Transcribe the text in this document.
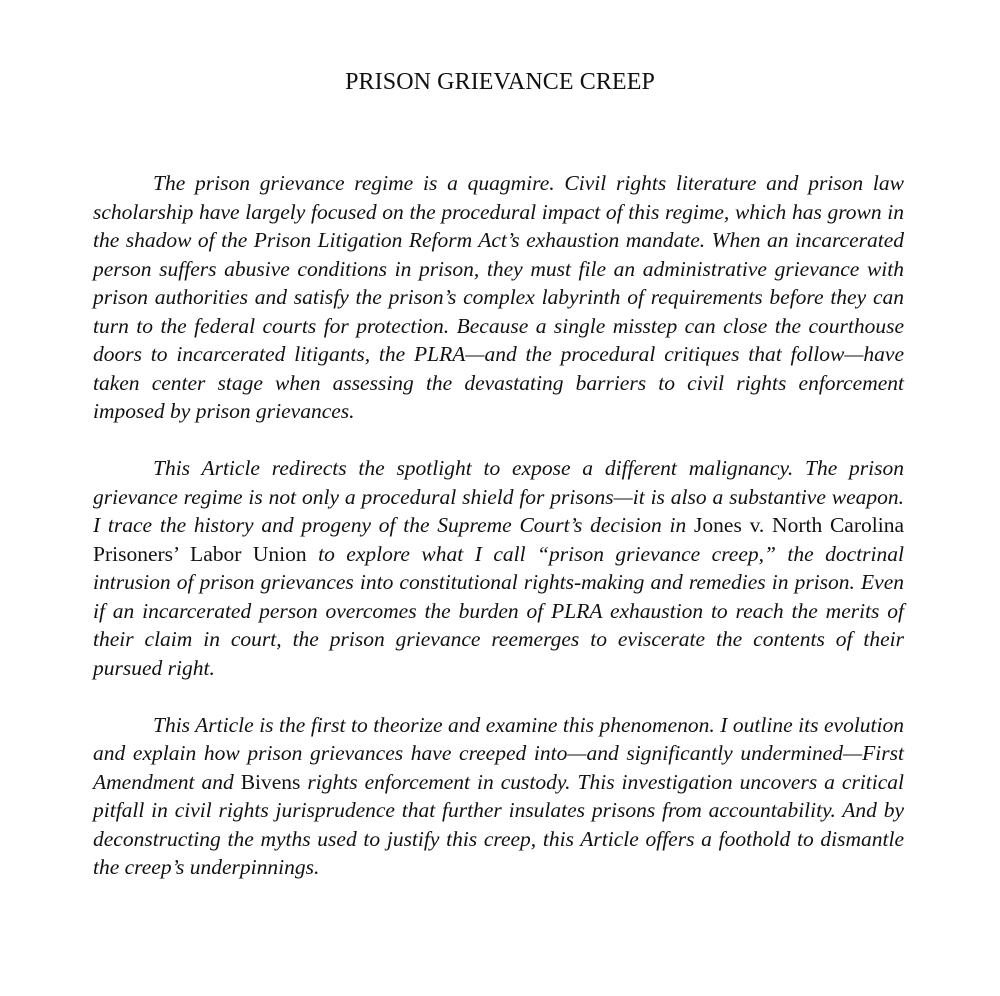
PRISON GRIEVANCE CREEP

The prison grievance regime is a quagmire. Civil rights literature and prison law scholarship have largely focused on the procedural impact of this regime, which has grown in the shadow of the Prison Litigation Reform Act’s exhaustion mandate. When an incarcerated person suffers abusive conditions in prison, they must file an administrative grievance with prison authorities and satisfy the prison’s complex labyrinth of requirements before they can turn to the federal courts for protection. Because a single misstep can close the courthouse doors to incarcerated litigants, the PLRA—and the procedural critiques that follow—have taken center stage when assessing the devastating barriers to civil rights enforcement imposed by prison grievances.

This Article redirects the spotlight to expose a different malignancy. The prison grievance regime is not only a procedural shield for prisons—it is also a substantive weapon. I trace the history and progeny of the Supreme Court’s decision in Jones v. North Carolina Prisoners’ Labor Union to explore what I call “prison grievance creep,” the doctrinal intrusion of prison grievances into constitutional rights-making and remedies in prison. Even if an incarcerated person overcomes the burden of PLRA exhaustion to reach the merits of their claim in court, the prison grievance reemerges to eviscerate the contents of their pursued right.

This Article is the first to theorize and examine this phenomenon. I outline its evolution and explain how prison grievances have creeped into—and significantly undermined—First Amendment and Bivens rights enforcement in custody. This investigation uncovers a critical pitfall in civil rights jurisprudence that further insulates prisons from accountability. And by deconstructing the myths used to justify this creep, this Article offers a foothold to dismantle the creep’s underpinnings.
